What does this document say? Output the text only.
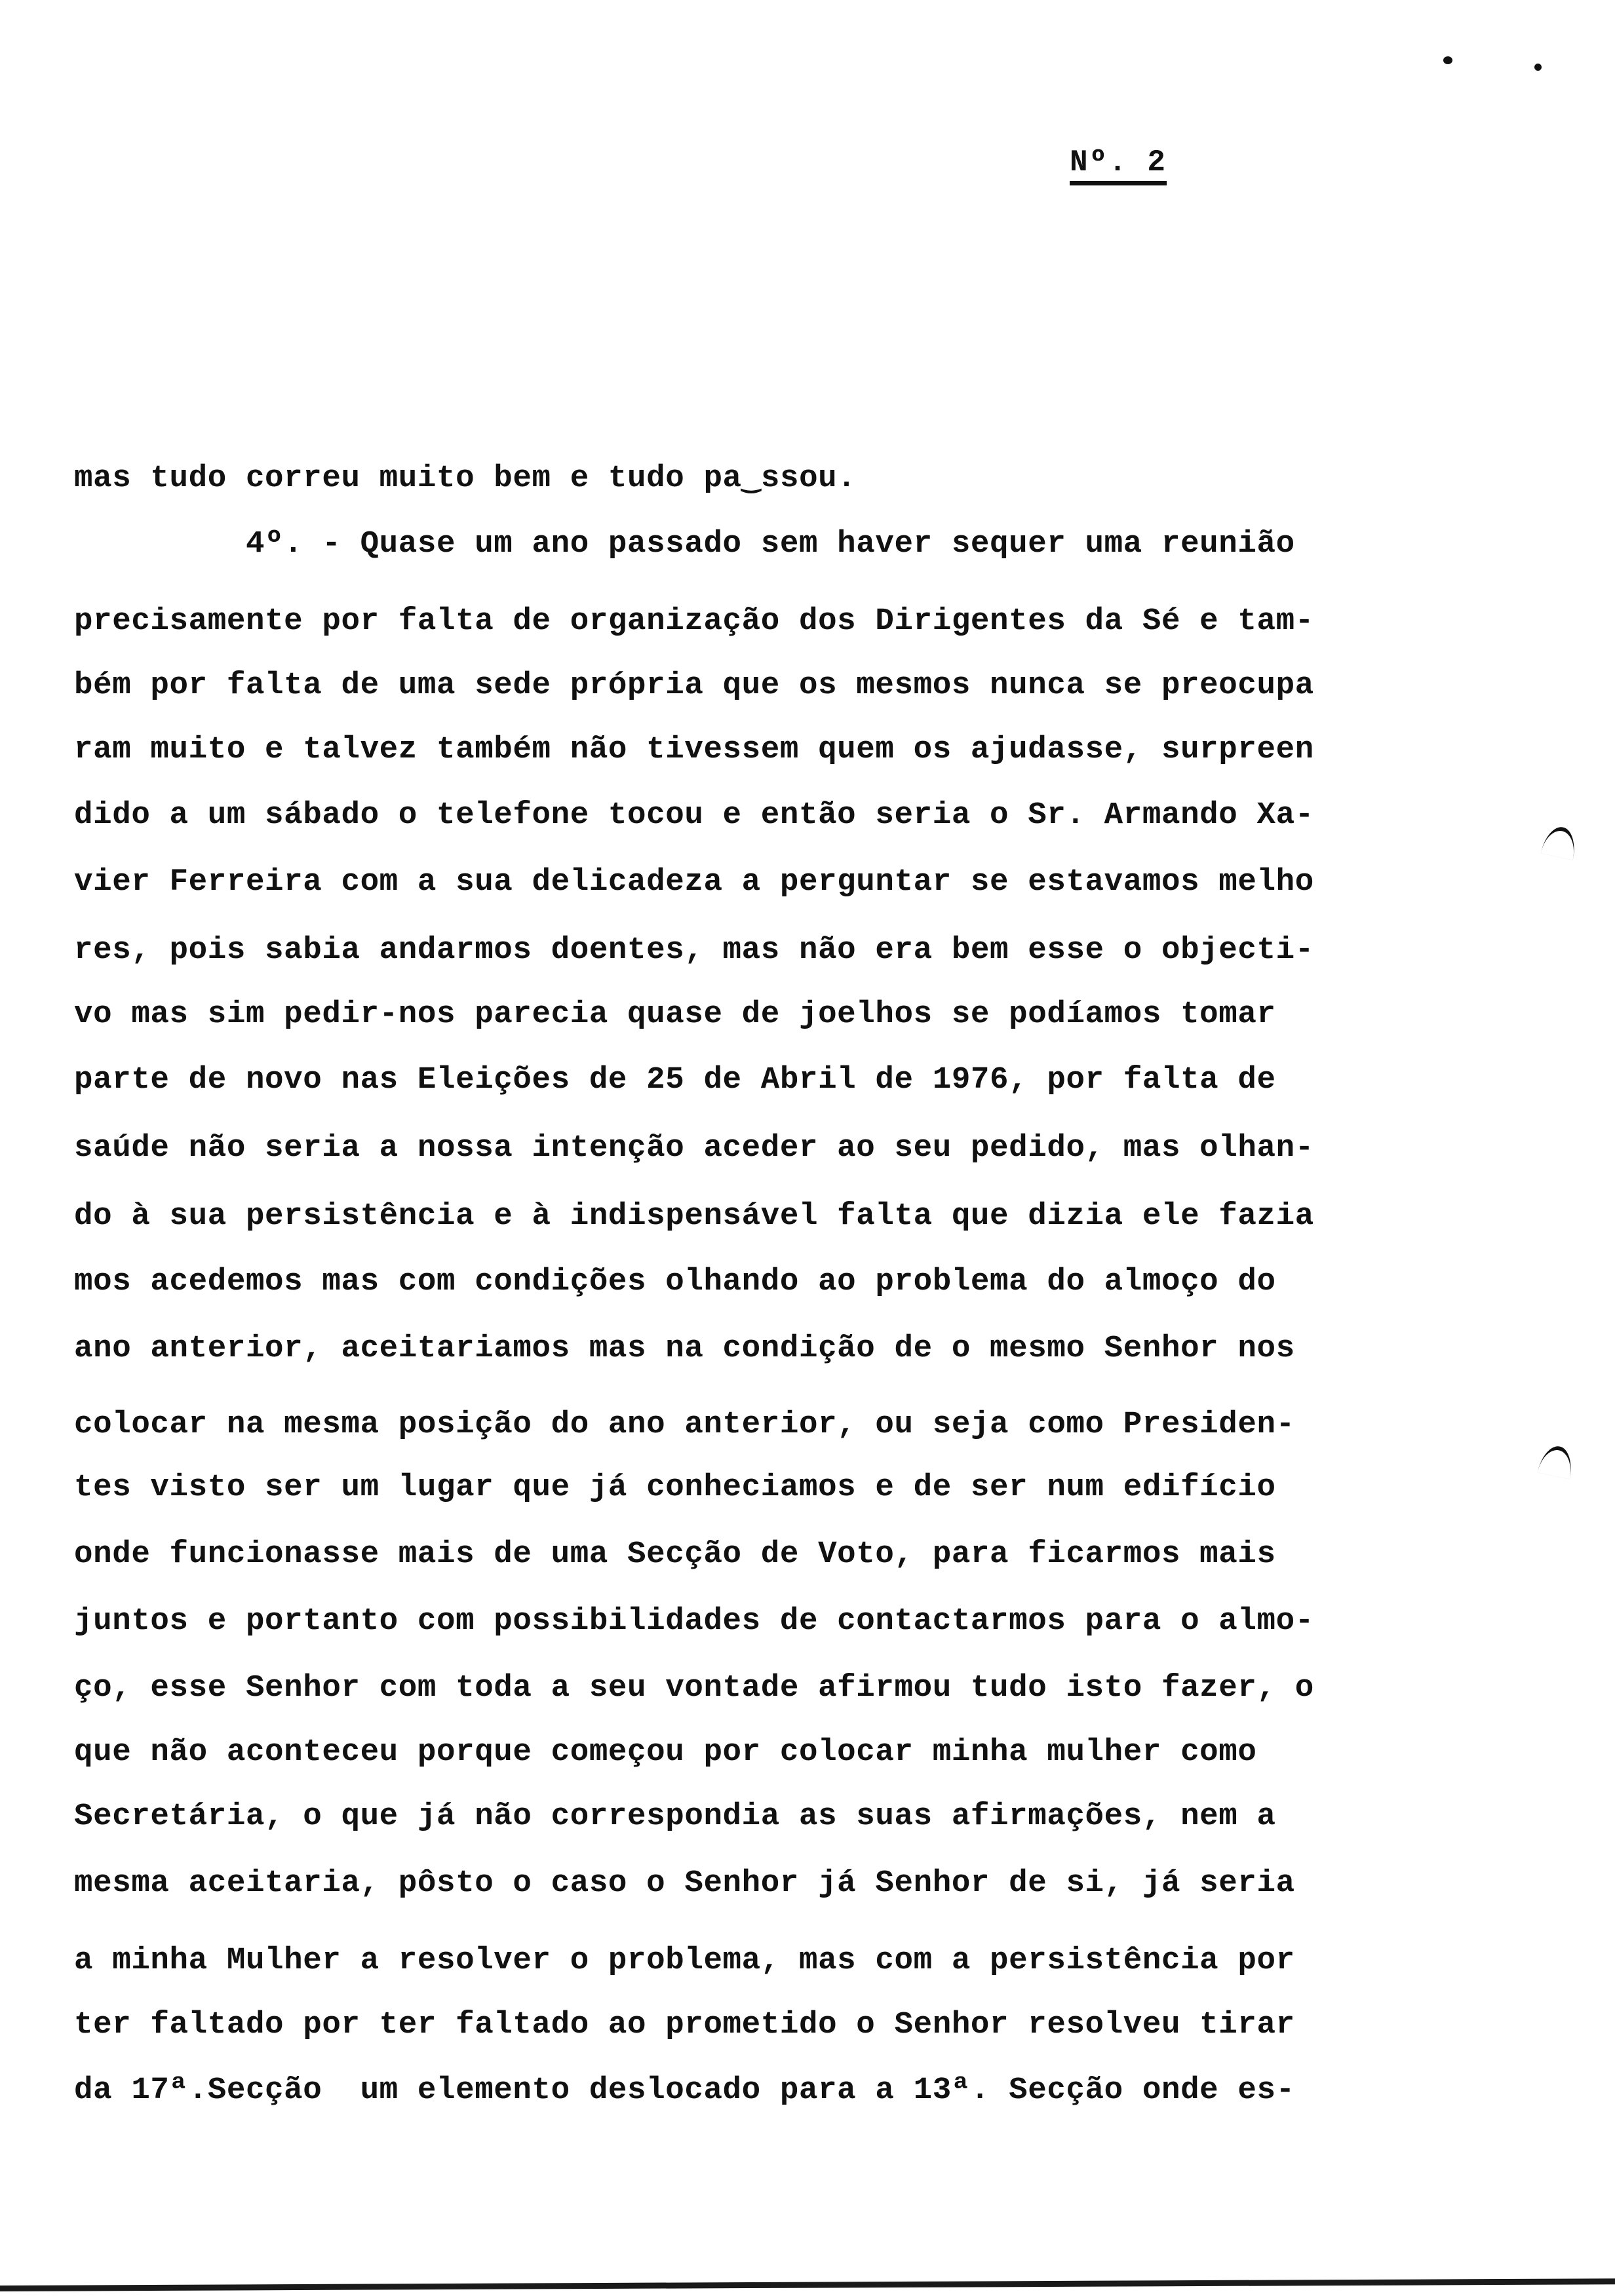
Nº. 2
mas tudo correu muito bem e tudo pa‿ssou.
4º. - Quase um ano passado sem haver sequer uma reunião
precisamente por falta de organização dos Dirigentes da Sé e tam-
bém por falta de uma sede própria que os mesmos nunca se preocupa
ram muito e talvez também não tivessem quem os ajudasse, surpreen
dido a um sábado o telefone tocou e então seria o Sr. Armando Xa-
vier Ferreira com a sua delicadeza a perguntar se estavamos melho
res, pois sabia andarmos doentes, mas não era bem esse o objecti-
vo mas sim pedir-nos parecia quase de joelhos se podíamos tomar
parte de novo nas Eleições de 25 de Abril de 1976, por falta de
saúde não seria a nossa intenção aceder ao seu pedido, mas olhan-
do à sua persistência e à indispensável falta que dizia ele fazia
mos acedemos mas com condições olhando ao problema do almoço do
ano anterior, aceitariamos mas na condição de o mesmo Senhor nos
colocar na mesma posição do ano anterior, ou seja como Presiden-
tes visto ser um lugar que já conheciamos e de ser num edifício
onde funcionasse mais de uma Secção de Voto, para ficarmos mais
juntos e portanto com possibilidades de contactarmos para o almo-
ço, esse Senhor com toda a seu vontade afirmou tudo isto fazer, o
que não aconteceu porque começou por colocar minha mulher como
Secretária, o que já não correspondia as suas afirmações, nem a
mesma aceitaria, pôsto o caso o Senhor já Senhor de si, já seria
a minha Mulher a resolver o problema, mas com a persistência por
ter faltado por ter faltado ao prometido o Senhor resolveu tirar
da 17ª.Secção  um elemento deslocado para a 13ª. Secção onde es-
